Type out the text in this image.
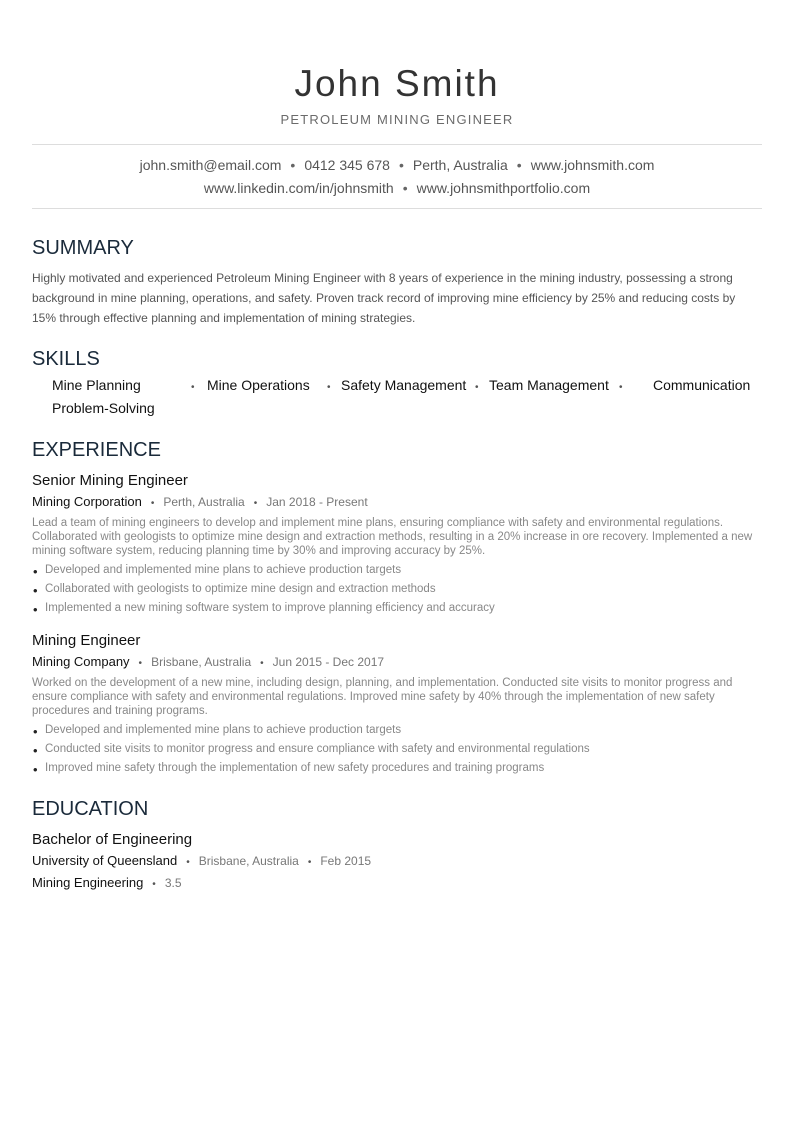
John Smith
PETROLEUM MINING ENGINEER
john.smith@email.com • 0412 345 678 • Perth, Australia • www.johnsmith.com
www.linkedin.com/in/johnsmith • www.johnsmithportfolio.com
SUMMARY

Highly motivated and experienced Petroleum Mining Engineer with 8 years of experience in the mining industry, possessing a strong background in mine planning, operations, and safety. Proven track record of improving mine efficiency by 25% and reducing costs by 15% through effective planning and implementation of mining strategies.

SKILLS
Mine Planning	• Mine Operations	• Safety Management • Team Management	•	Communication
Problem-Solving
EXPERIENCE
Senior Mining Engineer
Mining Corporation • Perth, Australia • Jan 2018 - Present
Lead a team of mining engineers to develop and implement mine plans, ensuring compliance with safety and environmental regulations. Collaborated with geologists to optimize mine design and extraction methods, resulting in a 20% increase in ore recovery. Implemented a new mining software system, reducing planning time by 30% and improving accuracy by 25%.
• Developed and implemented mine plans to achieve production targets
• Collaborated with geologists to optimize mine design and extraction methods
• Implemented a new mining software system to improve planning efficiency and accuracy
Mining Engineer
Mining Company • Brisbane, Australia • Jun 2015 - Dec 2017
Worked on the development of a new mine, including design, planning, and implementation. Conducted site visits to monitor progress and ensure compliance with safety and environmental regulations. Improved mine safety by 40% through the implementation of new safety procedures and training programs.
• Developed and implemented mine plans to achieve production targets
• Conducted site visits to monitor progress and ensure compliance with safety and environmental regulations
• Improved mine safety through the implementation of new safety procedures and training programs
EDUCATION
Bachelor of Engineering
University of Queensland • Brisbane, Australia • Feb 2015
Mining Engineering • 3.5
